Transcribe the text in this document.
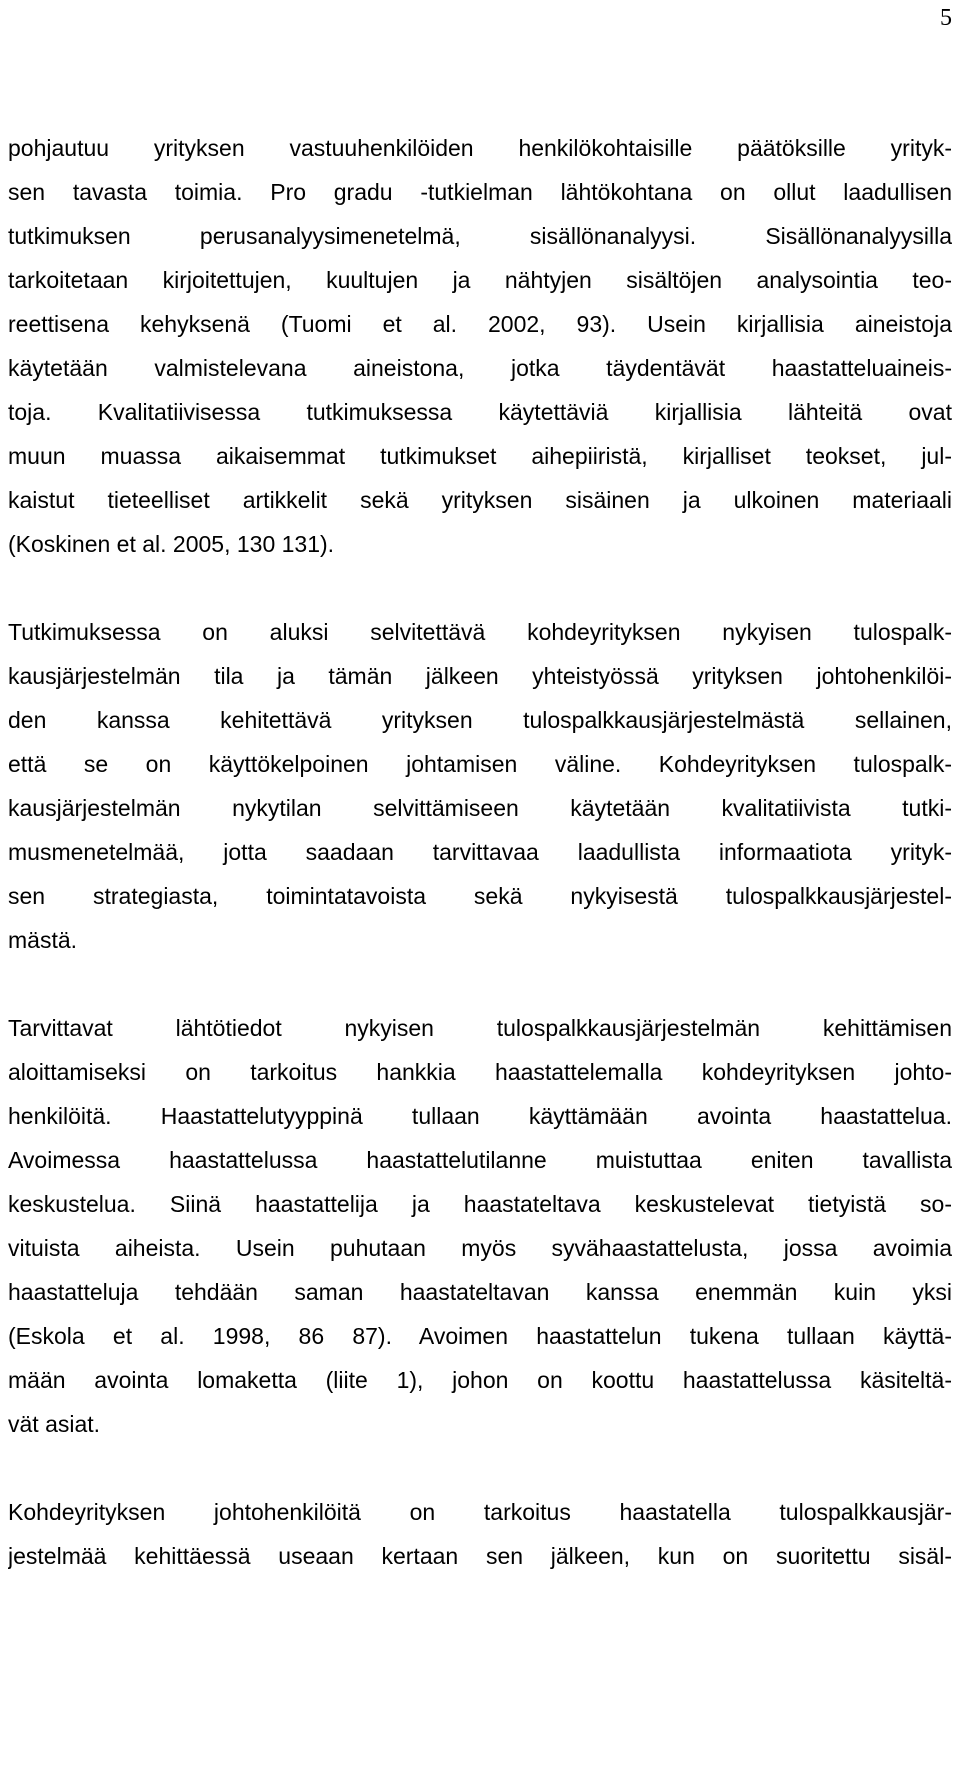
5
pohjautuu yrityksen vastuuhenkilöiden henkilökohtaisille päätöksille yrityk-
sen tavasta toimia. Pro gradu -tutkielman lähtökohtana on ollut laadullisen
tutkimuksen perusanalyysimenetelmä, sisällönanalyysi. Sisällönanalyysilla
tarkoitetaan kirjoitettujen, kuultujen ja nähtyjen sisältöjen analysointia teo-
reettisena kehyksenä (Tuomi et al. 2002, 93). Usein kirjallisia aineistoja
käytetään valmistelevana aineistona, jotka täydentävät haastatteluaineis-
toja. Kvalitatiivisessa tutkimuksessa käytettäviä kirjallisia lähteitä ovat
muun muassa aikaisemmat tutkimukset aihepiiristä, kirjalliset teokset, jul-
kaistut tieteelliset artikkelit sekä yrityksen sisäinen ja ulkoinen materiaali
(Koskinen et al. 2005, 130 131).
Tutkimuksessa on aluksi selvitettävä kohdeyrityksen nykyisen tulospalk-
kausjärjestelmän tila ja tämän jälkeen yhteistyössä yrityksen johtohenkilöi-
den kanssa kehitettävä yrityksen tulospalkkausjärjestelmästä sellainen,
että se on käyttökelpoinen johtamisen väline. Kohdeyrityksen tulospalk-
kausjärjestelmän nykytilan selvittämiseen käytetään kvalitatiivista tutki-
musmenetelmää, jotta saadaan tarvittavaa laadullista informaatiota yrityk-
sen strategiasta, toimintatavoista sekä nykyisestä tulospalkkausjärjestel-
mästä.
Tarvittavat lähtötiedot nykyisen tulospalkkausjärjestelmän kehittämisen
aloittamiseksi on tarkoitus hankkia haastattelemalla kohdeyrityksen johto-
henkilöitä. Haastattelutyyppinä tullaan käyttämään avointa haastattelua.
Avoimessa haastattelussa haastattelutilanne muistuttaa eniten tavallista
keskustelua. Siinä haastattelija ja haastateltava keskustelevat tietyistä so-
vituista aiheista. Usein puhutaan myös syvähaastattelusta, jossa avoimia
haastatteluja tehdään saman haastateltavan kanssa enemmän kuin yksi
(Eskola et al. 1998, 86 87). Avoimen haastattelun tukena tullaan käyttä-
mään avointa lomaketta (liite 1), johon on koottu haastattelussa käsiteltä-
vät asiat.
Kohdeyrityksen johtohenkilöitä on tarkoitus haastatella tulospalkkausjär-
jestelmää kehittäessä useaan kertaan sen jälkeen, kun on suoritettu sisäl-
